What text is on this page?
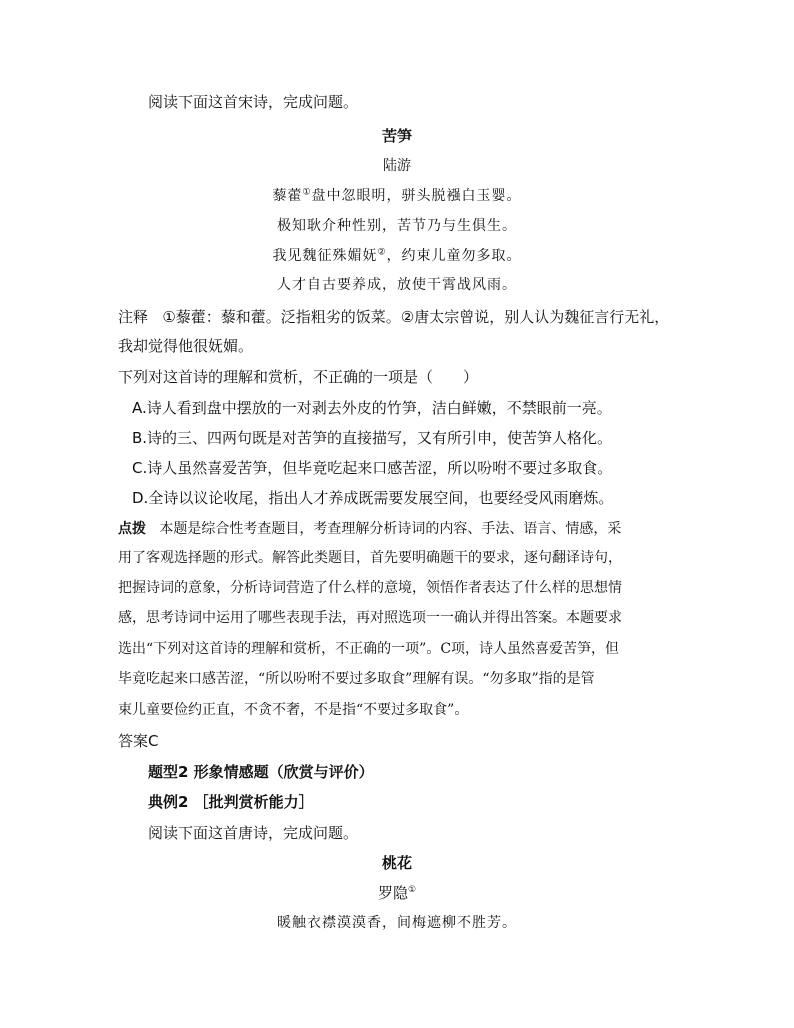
阅读下面这首宋诗，完成问题。
苦笋
陆游
藜藿①盘中忽眼明，骈头脱襁白玉婴。
极知耿介种性别，苦节乃与生俱生。
我见魏征殊媚妩②，约束儿童勿多取。
人才自古要养成，放使干霄战风雨。
注释 ①藜藿：藜和藿。泛指粗劣的饭菜。②唐太宗曾说，别人认为魏征言行无礼，
我却觉得他很妩媚。
下列对这首诗的理解和赏析，不正确的一项是（　　）
A.诗人看到盘中摆放的一对剥去外皮的竹笋，洁白鲜嫩，不禁眼前一亮。
B.诗的三、四两句既是对苦笋的直接描写，又有所引申，使苦笋人格化。
C.诗人虽然喜爱苦笋，但毕竟吃起来口感苦涩，所以吩咐不要过多取食。
D.全诗以议论收尾，指出人才养成既需要发展空间，也要经受风雨磨炼。
点拨 本题是综合性考查题目，考查理解分析诗词的内容、手法、语言、情感，采
用了客观选择题的形式。解答此类题目，首先要明确题干的要求，逐句翻译诗句，
把握诗词的意象，分析诗词营造了什么样的意境，领悟作者表达了什么样的思想情
感，思考诗词中运用了哪些表现手法，再对照选项一一确认并得出答案。本题要求
选出“下列对这首诗的理解和赏析，不正确的一项”。C项，诗人虽然喜爱苦笋，但
毕竟吃起来口感苦涩，“所以吩咐不要过多取食”理解有误。“勿多取”指的是管
束儿童要俭约正直，不贪不奢，不是指“不要过多取食”。
答案C
题型2 形象情感题（欣赏与评价）
典例2 ［批判赏析能力］
阅读下面这首唐诗，完成问题。
桃花
罗隐①
暖触衣襟漠漠香，间梅遮柳不胜芳。
